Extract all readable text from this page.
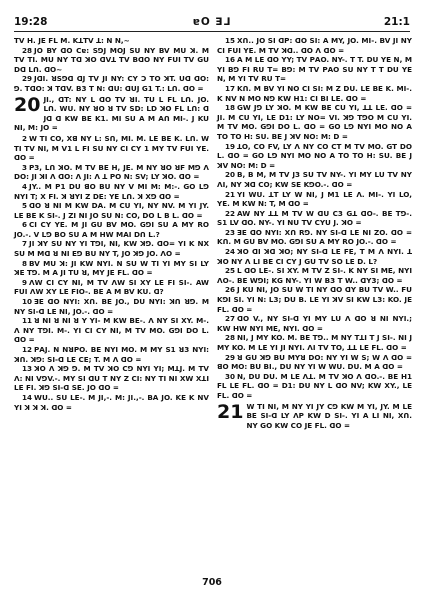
19:28	ɐO ꓱ⅃	21:1
TV H. JE FL M. KꓕTV ꓕ: N N,~
28 JO BY ꓷO Cɐ: SꓨJ MOJ SU NY BV MU ꓘ. M TV TI. MU NY Tꓷ ꓘO ꓷVꓕ TV BꓷO NY FUI TV GU Dꓷ Lꓵ. ꓷO~
29 JꓷI. ꓤSꓨꓷ ꓷJ TV JI NY: CY ꓛ TO ꓘT. Uꓷ ꓷO: ꓨ. TꓷO: ꓘ TꓷV. B3 T N: ꓷU: ꓷUJ G1 T.: Lꓵ. ꓷO =
20 JI., ꓷT: NY L ꓷO TV ꓤI. TU L FL Lꓵ. JO. Lꓵ. WU. NY ꓤO ꓤ TV Sꓓ: Lꓓ ꓘO FL Lꓵ: ꓷ Jꓷ ꓷ KW BE K1. MI SU A M Aꓵ MI-. J KU NI, M: JO =
2 W TI CO, Xꓭ NY L: Sꓵ, MI. M. LE BE K. Lꓵ. W TI TV NI, M V1 L FI SU NY CI CY 1 MY TV FUI YE. ꓷO =
3 P3, Lꓵ ꓘO. M TV BE H, JE. M NY ꓤO ꓤF Mꓨ ꓥ DO: JI ꓘI ꓥ ꓷO: ꓥ JI: ꓥ ꓕ PO N: SV; LY ꓘO. ꓷO =
4 JY.. M P1 DU ꓭO BU NY V MI M: M:-. GO Lꓨ NYI T; X FI. ꓘ ꓤYI Z DE: YE Lꓵ. ꓘ Xꓨ ꓷO =
5 ꓷO ꓤ NI M KW Dꓮ. M CU YI, NY NV. M YI JY. LE BE K SI-. J ZI NI JO SU N: CO, DO L B L. ꓷO =
6 CI CY YE. M JI GU BV MO. GꓨI SU A MY RO JO.-. V Lꓨ BO SU A M HW MꓮI Dꓵ L.?
7 JI ꓘY SU NY YI TꓨI, NI, KW ꓘꓨ. ꓷO= YI K NX SU M Mꓷ ꓤ NI Eꓨ BU NY T, JO ꓘꓨ JO. ꓥO =
8 BV MU ꓘ: JI KW NYI. N SU W TI YI MY SI LY ꓘE Tꓨ. M A JI TU ꓤ, MY JE FL. ꓷO =
9 ꓥW CI CY NI, M TV ꓥW SI XY LE FI SI-. AW FUI ꓥW XY LE FIO-. BE A M BV KU. ꓷ?
10 ꓱE ꓷO NYI: Xꓵ. BE JO., DU NYI: ꓘꓵ ꓤꓨ. M NY SI-ꓷ LE NI, JO.-. ꓷO =
11 ꓤ NI ꓤ NI ꓤ Y YI- M KW BE-. ꓥ NY SI XY. M-. ꓥ NY TꓨI. M-. YI CI CY NI, M TV MO. GꓨI DO L. ꓷO =
12 PꓮJ. N NꓤPO. BE NYI MO. M MY S1 ꓤ3 NYI: ꓘꓵ. ꓘꓨ: SI-ꓷ LE CE; T. M ꓥ ꓷO =
13 ꓘO ꓥ ꓘꓨ ꓨ. M TV ꓘO Cꓨ NYI YI; MꓕJ. M TV ꓥ: NI VꓨV.-. MY SI ꓷU T NY Z CI: NY TI NI XW XꓕI LE FI. ꓘꓨ SI-ꓷ SE. JO ꓷO =
14 WU.. SU LE-. M JI,-. M: JI.,-. Bꓮ JO. KE K NV YI ꓘ ꓘ ꓘ. ꓷO =
15 Xꓵ.. JO SI ꓷP: ꓷO SI: A MY, JO. MI-. BV JI NY CI FUI YE. M TV ꓘꓷ.. ꓷO ꓥ ꓷO =
16 A M LE ꓷO YY; TV PꓮO. NY-. T T. DU YE N, M YI Bꓨ FI RU T= Bꓨ: M TV PꓮO SU NY T T DU YE N, M YI TV RU T=
17 Kꓵ. M BV YI NO CI SI: M Z DU. LE BE K. MI-. K NV N MO Nꓨ KW H1: CI BI LE. ꓷO =
18 GW Jꓨ LY ꓘO. M KW BE CU YI, ꓕꓕ LE. ꓷO = JI. M CU YI, LE D1: LY NO= VI. ꓘꓨ TꓨO M CU YI. M TV MO. GꓨI DO L. ꓷO = GO Lꓨ NYI MO NO A TO TO H: SU. BE J ꓘV NO: M: D =
19 ꓕO, CO FV, LY ꓥ NY CO CT M TV MO. GT DO L. ꓷO = GO Lꓨ NYI MO NO A TO TO H: SU. BE J ꓘV NO: M: D =
20 B, B M, M TV J3 SU TV NY-. YI MY LU TV NY ꓥI, NY ꓘꓷ CO; KW SE KꓨO.-. ꓷO =
21 YI WU. ꓕT LY W NI, J M1 LE ꓥ. MI-. YI LO, YE. M KW N: T, M ꓷO =
22 AW NY ꓕꓕ M TV W ꓷU C3 Gꓕ ꓷO-. BE Tꓨ-. S1 LV ꓷO. NY-. YI NU TV CYU J. ꓘO =
23 ꓱE ꓷO NYI: Xꓵ Rꓨ. NY SI-ꓷ LE NI ZO. ꓷO = Kꓵ. M GU BV MO. GꓨI SU A MY RO JO.-. ꓷO =
24 ꓘO ꓷI ꓘꓷ ꓘO; NY SI-ꓷ LE FE, T M ꓥ NYI. ꓕ ꓘO NY ꓥ LI BE CI CY J GU TV SO LE D. L?
25 L ꓷO LE-. SI XY. M TV Z SI-. K NY SI ME, NYI ꓥO-. BE WꓨI; KG NY-. YI W B3 T W.. ꓷY3; ꓷO =
26 J KU NI, JO SU W TI NY ꓷO ꓷY BU TV W.. FU KꓨI SI. YI N: L3; DU B. LE YI ꓘV SI KW L3: KO. JE FL. ꓷO =
27 ꓷO V., NY SI-ꓷ YI MY LU ꓥ ꓷO ꓤ NI NYI.; KW HW NYI ME, NYI. ꓷO =
28 NI, J MY KO. M. BE Tꓨ.. M NY TꓕI T J SI-. NI J MY KO. M LE YI JI NYI. ꓥI TV TO, ꓕꓕ LE FL. ꓷO =
29 ꓤ GU ꓘꓨ BU MYꓤ DO: NY YI W S; W ꓥ ꓷO = ꓭO MO: BU BI., DU NY YI W WU. DU. M A ꓷO =
30 N, DU DU. M LE ꓥꓕ. M TV ꓘO ꓥ ꓷO.-. BE H1 FL LE FL. ꓷO = D1: DU NY L ꓷO NV; KW XY., LE FL. ꓷO =
21 W TI NI, M NY YI JY Cꓨ KW M YI, JY. M LE BE SI-ꓷ LY ꓥP KW D SI-. YI A LI NI, Xꓵ. NY GO KW CO JE FL. ꓷO =
706
